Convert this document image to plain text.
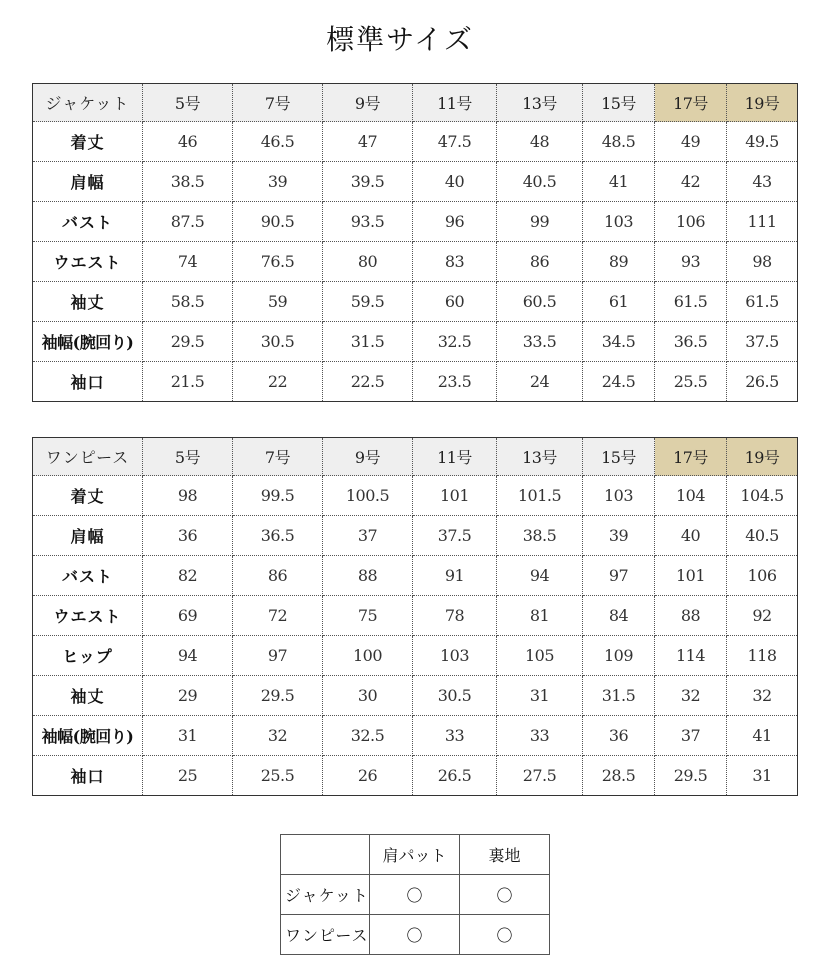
標準サイズ
ジャケット	5号	7号	9号	11号	13号	15号	17号	19号
着丈	46	46.5	47	47.5	48	48.5	49	49.5
肩幅	38.5	39	39.5	40	40.5	41	42	43
バスト	87.5	90.5	93.5	96	99	103	106	111
ウエスト	74	76.5	80	83	86	89	93	98
袖丈	58.5	59	59.5	60	60.5	61	61.5	61.5
袖幅(腕回り)	29.5	30.5	31.5	32.5	33.5	34.5	36.5	37.5
袖口	21.5	22	22.5	23.5	24	24.5	25.5	26.5
ワンピース	5号	7号	9号	11号	13号	15号	17号	19号
着丈	98	99.5	100.5	101	101.5	103	104	104.5
肩幅	36	36.5	37	37.5	38.5	39	40	40.5
バスト	82	86	88	91	94	97	101	106
ウエスト	69	72	75	78	81	84	88	92
ヒップ	94	97	100	103	105	109	114	118
袖丈	29	29.5	30	30.5	31	31.5	32	32
袖幅(腕回り)	31	32	32.5	33	33	36	37	41
袖口	25	25.5	26	26.5	27.5	28.5	29.5	31
	肩パット	裏地
ジャケット	〇	〇
ワンピース	〇	〇
